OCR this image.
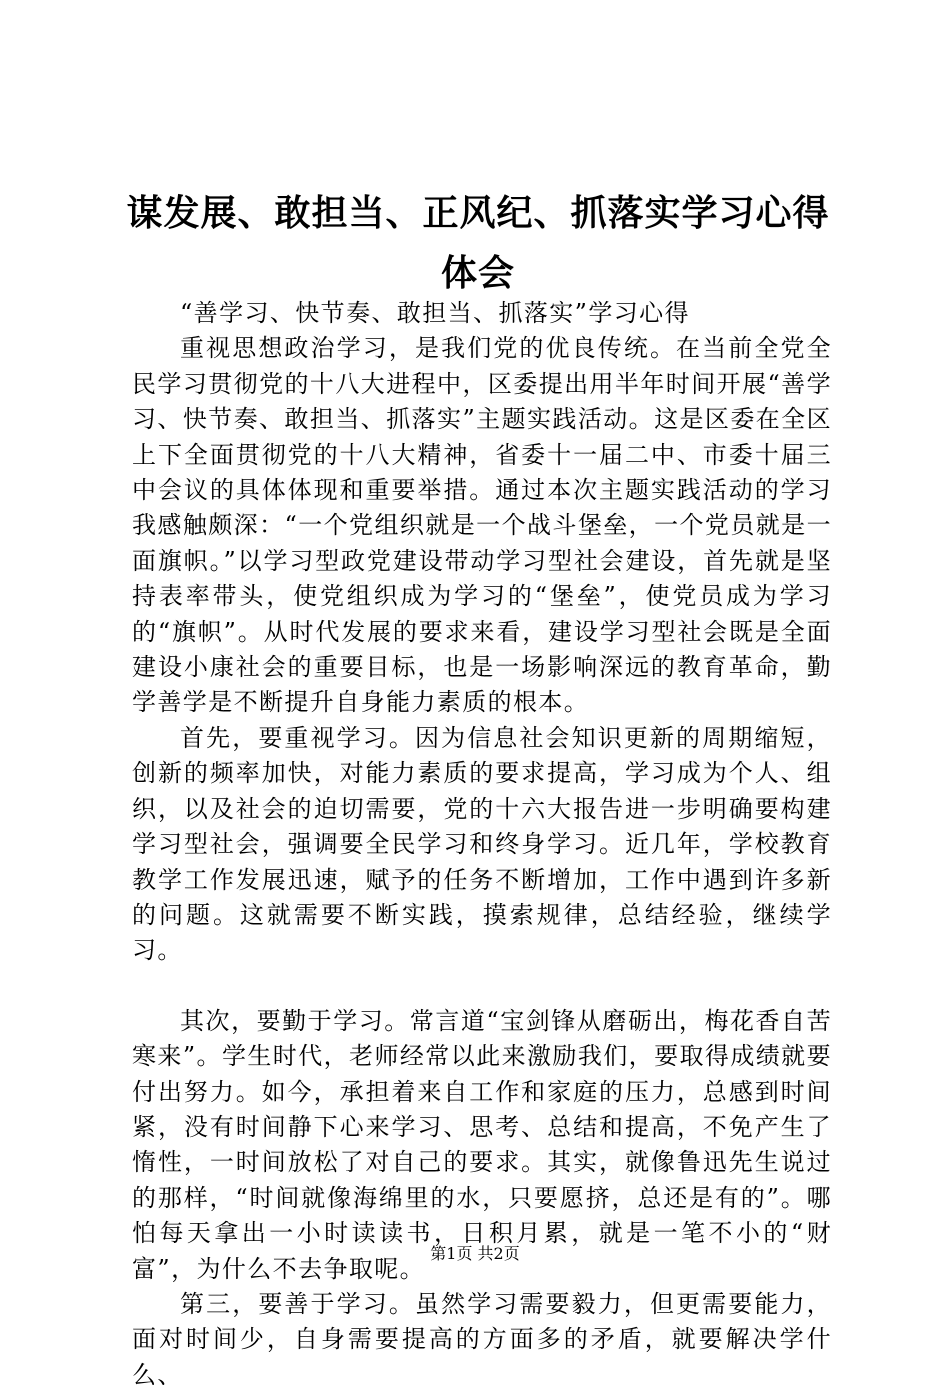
谋发展、敢担当、正风纪、抓落实学习心得体会

“善学习、快节奏、敢担当、抓落实”学习心得

重视思想政治学习，是我们党的优良传统。在当前全党全民学习贯彻党的十八大进程中，区委提出用半年时间开展“善学习、快节奏、敢担当、抓落实”主题实践活动。这是区委在全区上下全面贯彻党的十八大精神，省委十一届二中、市委十届三中会议的具体体现和重要举措。通过本次主题实践活动的学习我感触颇深：“一个党组织就是一个战斗堡垒，一个党员就是一面旗帜。”以学习型政党建设带动学习型社会建设，首先就是坚持表率带头，使党组织成为学习的“堡垒”，使党员成为学习的“旗帜”。从时代发展的要求来看，建设学习型社会既是全面建设小康社会的重要目标，也是一场影响深远的教育革命，勤学善学是不断提升自身能力素质的根本。

首先，要重视学习。因为信息社会知识更新的周期缩短，创新的频率加快，对能力素质的要求提高，学习成为个人、组织，以及社会的迫切需要，党的十六大报告进一步明确要构建学习型社会，强调要全民学习和终身学习。近几年，学校教育教学工作发展迅速，赋予的任务不断增加，工作中遇到许多新的问题。这就需要不断实践，摸索规律，总结经验，继续学习。

其次，要勤于学习。常言道“宝剑锋从磨砺出，梅花香自苦寒来”。学生时代，老师经常以此来激励我们，要取得成绩就要付出努力。如今，承担着来自工作和家庭的压力，总感到时间紧，没有时间静下心来学习、思考、总结和提高，不免产生了惰性，一时间放松了对自己的要求。其实，就像鲁迅先生说过的那样，“时间就像海绵里的水，只要愿挤，总还是有的”。哪怕每天拿出一小时读读书，日积月累，就是一笔不小的“财富”，为什么不去争取呢。

第三，要善于学习。虽然学习需要毅力，但更需要能力，面对时间少，自身需要提高的方面多的矛盾，就要解决学什么、

第1页 共2页
